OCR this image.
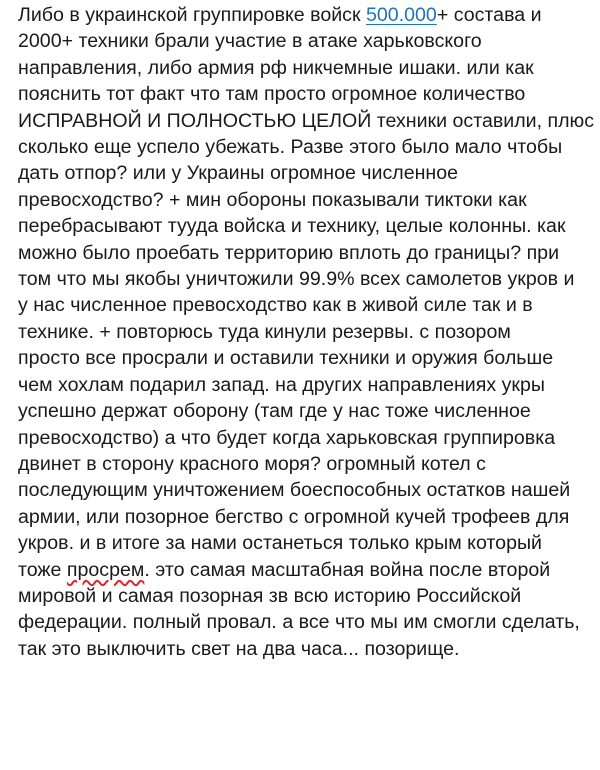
Либо в украинской группировке войск 500.000+ состава и
2000+ техники брали участие в атаке харьковского
направления, либо армия рф никчемные ишаки. или как
пояснить тот факт что там просто огромное количество
ИСПРАВНОЙ И ПОЛНОСТЬЮ ЦЕЛОЙ техники оставили, плюс
сколько еще успело убежать. Разве этого было мало чтобы
дать отпор? или у Украины огромное численное
превосходство? + мин обороны показывали тиктоки как
перебрасывают тууда войска и технику, целые колонны. как
можно было проебать территорию вплоть до границы? при
том что мы якобы уничтожили 99.9% всех самолетов укров и
у нас численное превосходство как в живой силе так и в
технике. + повторюсь туда кинули резервы. с позором
просто все просрали и оставили техники и оружия больше
чем хохлам подарил запад. на других направлениях укры
успешно держат оборону (там где у нас тоже численное
превосходство) а что будет когда харьковская группировка
двинет в сторону красного моря? огромный котел с
последующим уничтожением боеспособных остатков нашей
армии, или позорное бегство с огромной кучей трофеев для
укров. и в итоге за нами останеться только крым который
тоже просрем. это самая масштабная война после второй
мировой и самая позорная зв всю историю Российской
федерации. полный провал. а все что мы им смогли сделать,
так это выключить свет на два часа... позорище.
